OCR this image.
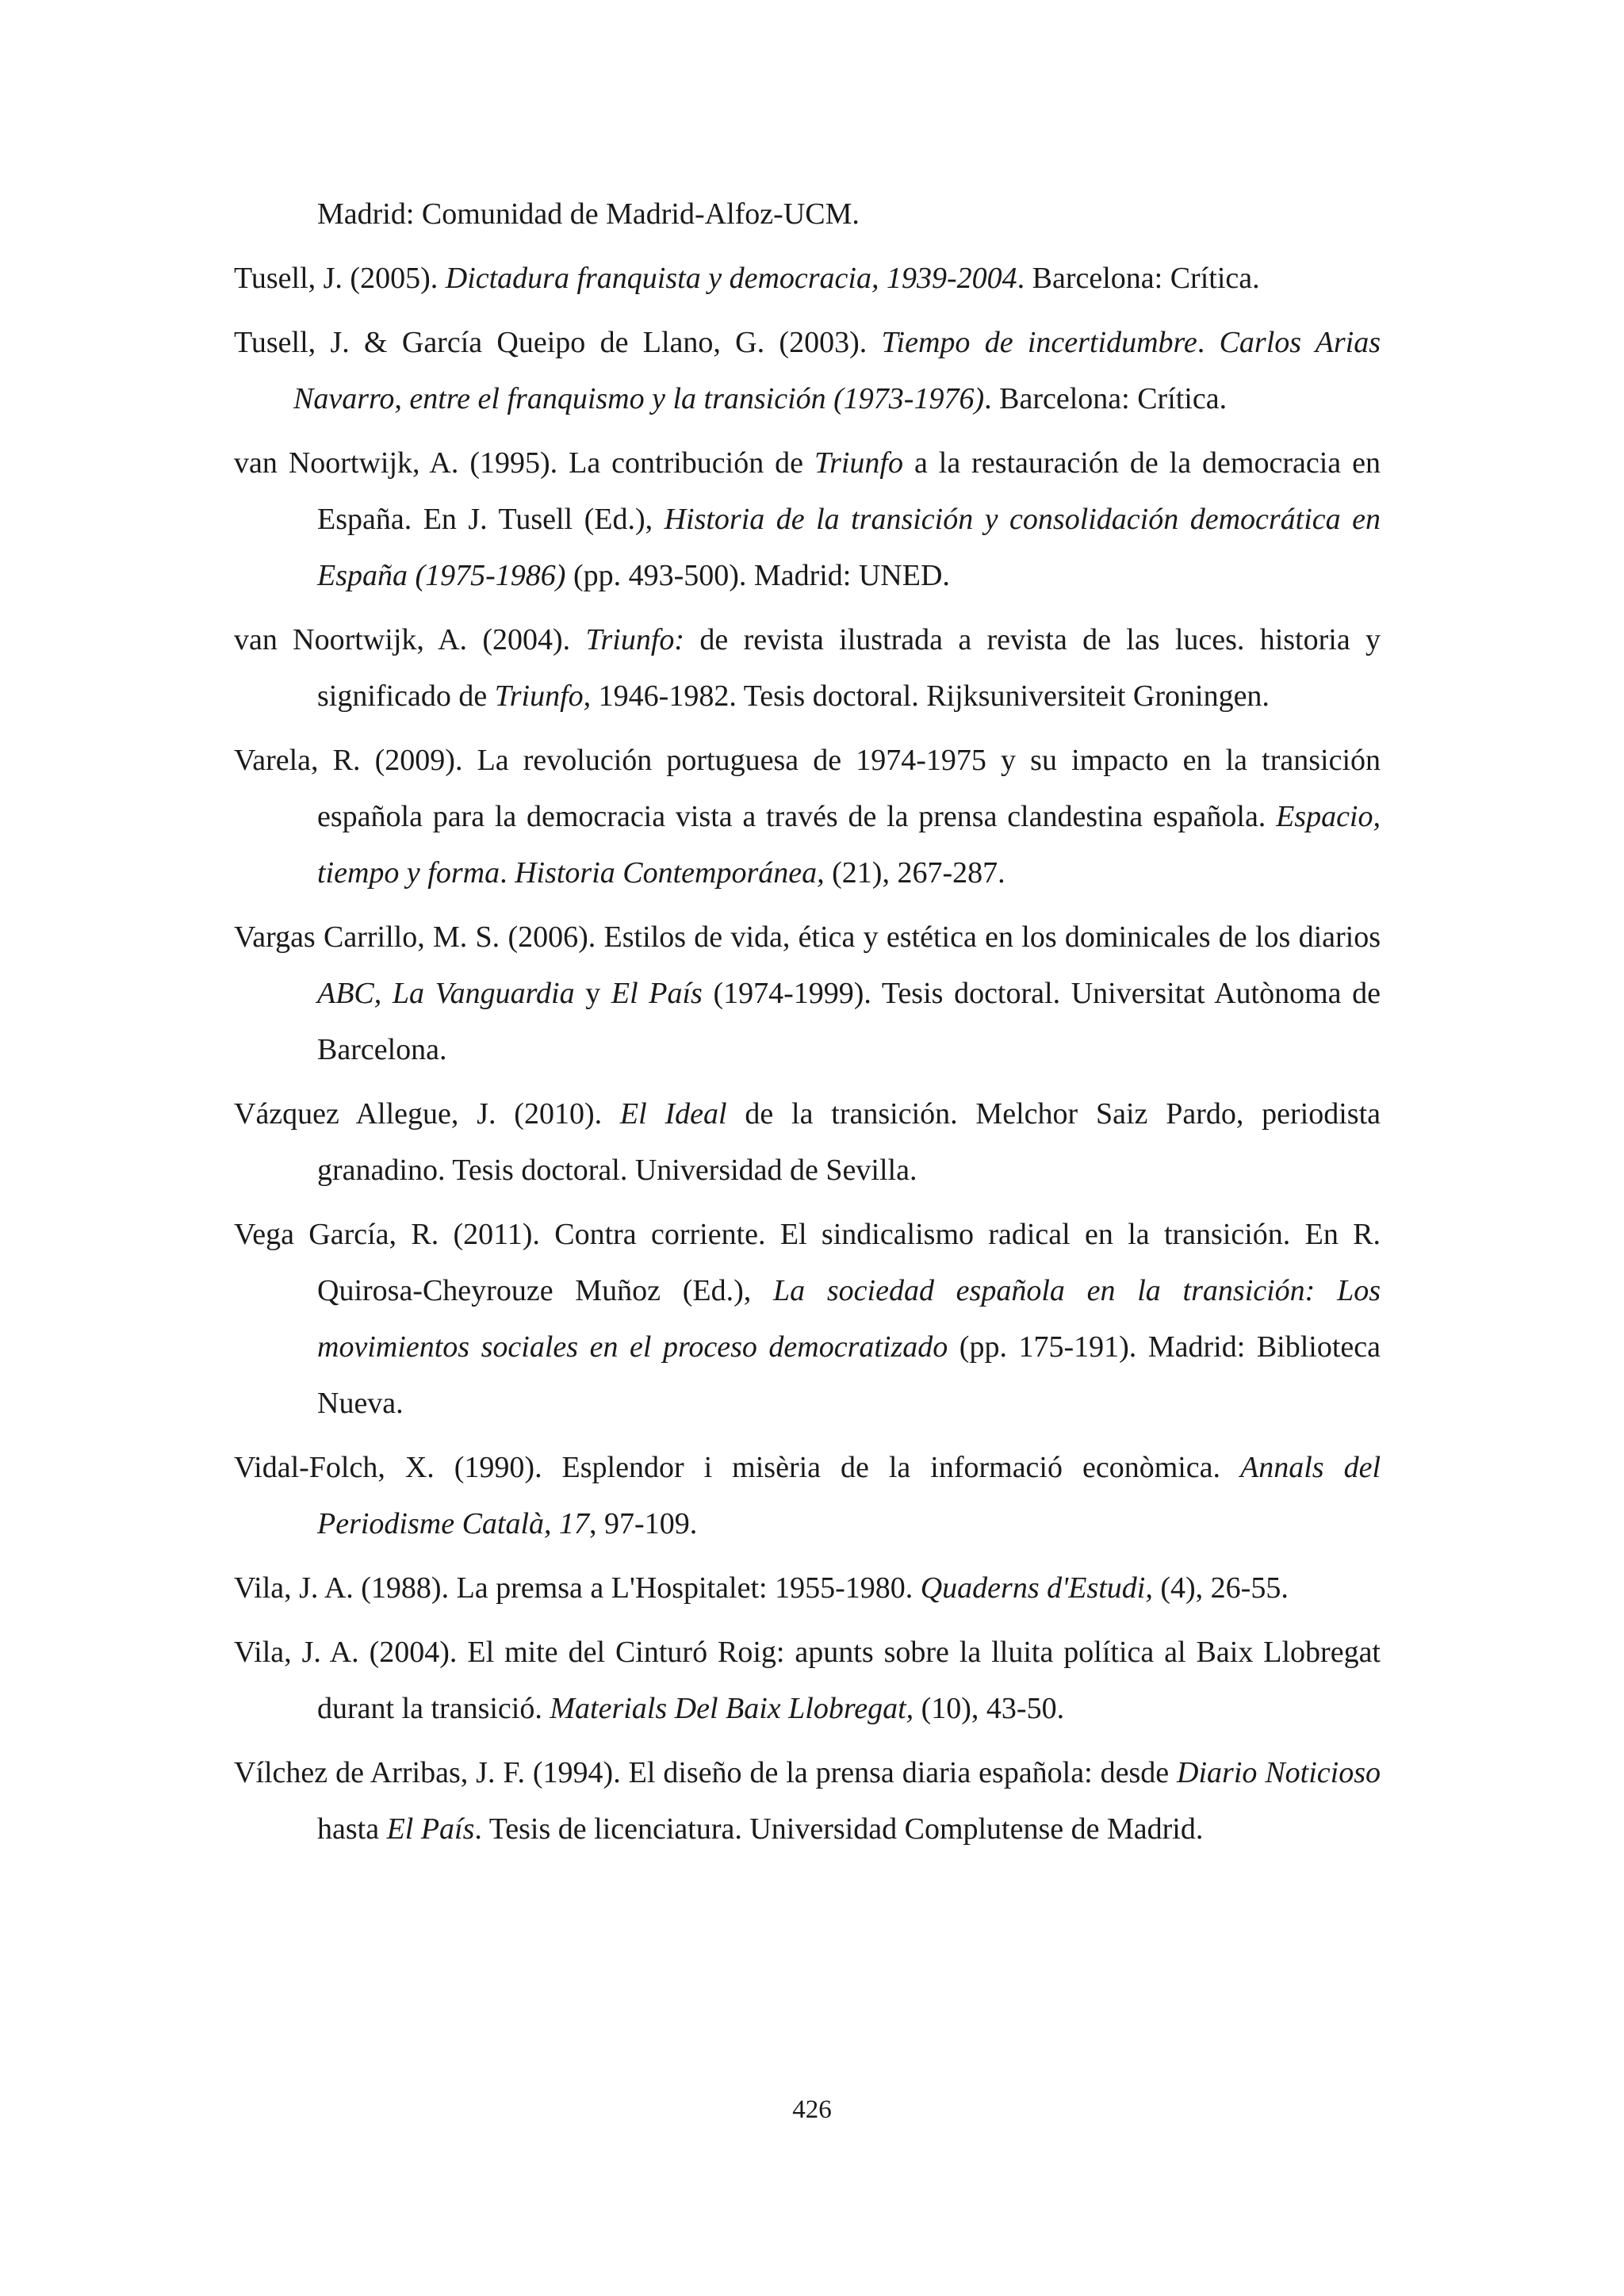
Madrid: Comunidad de Madrid-Alfoz-UCM.

Tusell, J. (2005). Dictadura franquista y democracia, 1939-2004. Barcelona: Crítica.

Tusell, J. & García Queipo de Llano, G. (2003). Tiempo de incertidumbre. Carlos Arias Navarro, entre el franquismo y la transición (1973-1976). Barcelona: Crítica.

van Noortwijk, A. (1995). La contribución de Triunfo a la restauración de la democracia en España. En J. Tusell (Ed.), Historia de la transición y consolidación democrática en España (1975-1986) (pp. 493-500). Madrid: UNED.

van Noortwijk, A. (2004). Triunfo: de revista ilustrada a revista de las luces. historia y significado de Triunfo, 1946-1982. Tesis doctoral. Rijksuniversiteit Groningen.

Varela, R. (2009). La revolución portuguesa de 1974-1975 y su impacto en la transición española para la democracia vista a través de la prensa clandestina española. Espacio, tiempo y forma. Historia Contemporánea, (21), 267-287.

Vargas Carrillo, M. S. (2006). Estilos de vida, ética y estética en los dominicales de los diarios ABC, La Vanguardia y El País (1974-1999). Tesis doctoral. Universitat Autònoma de Barcelona.

Vázquez Allegue, J. (2010). El Ideal de la transición. Melchor Saiz Pardo, periodista granadino. Tesis doctoral. Universidad de Sevilla.

Vega García, R. (2011). Contra corriente. El sindicalismo radical en la transición. En R. Quirosa-Cheyrouze Muñoz (Ed.), La sociedad española en la transición: Los movimientos sociales en el proceso democratizado (pp. 175-191). Madrid: Biblioteca Nueva.

Vidal-Folch, X. (1990). Esplendor i misèria de la informació econòmica. Annals del Periodisme Català, 17, 97-109.

Vila, J. A. (1988). La premsa a L'Hospitalet: 1955-1980. Quaderns d'Estudi, (4), 26-55.

Vila, J. A. (2004). El mite del Cinturó Roig: apunts sobre la lluita política al Baix Llobregat durant la transició. Materials Del Baix Llobregat, (10), 43-50.

Vílchez de Arribas, J. F. (1994). El diseño de la prensa diaria española: desde Diario Noticioso hasta El País. Tesis de licenciatura. Universidad Complutense de Madrid.

426
